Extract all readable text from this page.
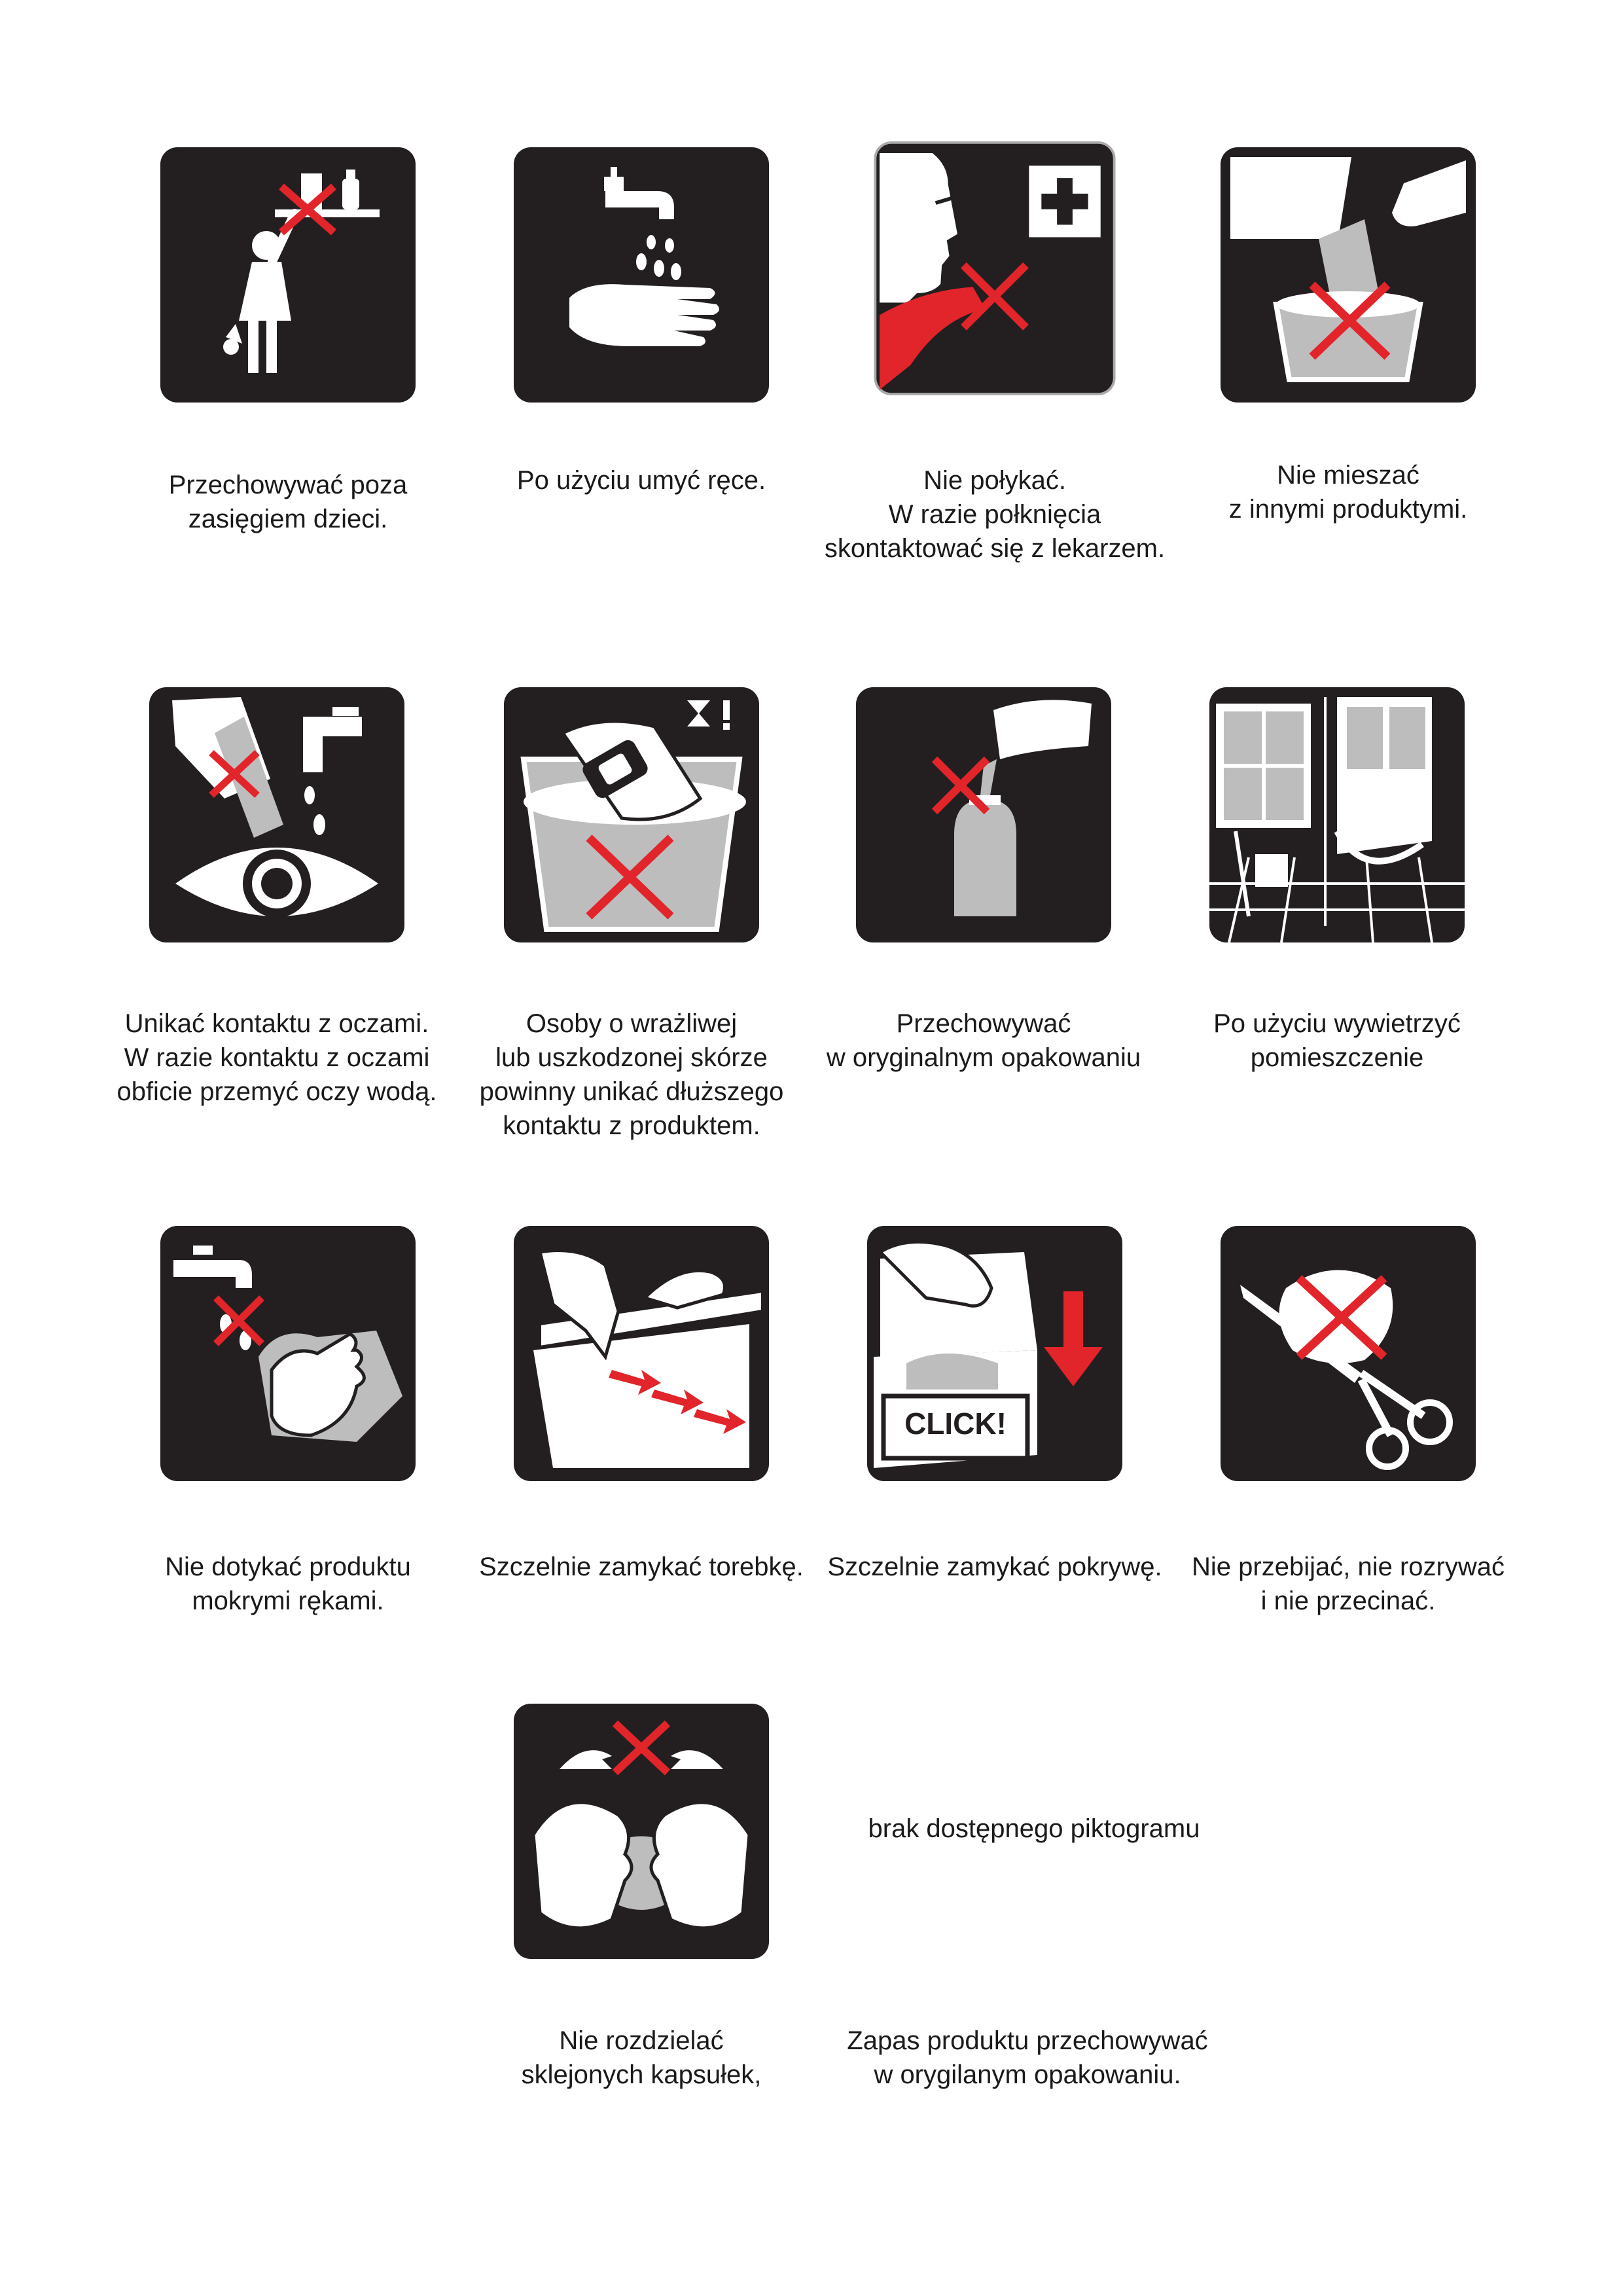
Przechowywać poza
zasięgiem dzieci.
Po użyciu umyć ręce.	Nie połykać.
W razie połknięcia
skontaktować się z lekarzem.
Nie mieszać
z innymi produktymi.
Unikać kontaktu z oczami.
W razie kontaktu z oczami
obficie przemyć oczy wodą.
Osoby o wrażliwej
lub uszkodzonej skórze
powinny unikać dłuższego
kontaktu z produktem.
Przechowywać
w oryginalnym opakowaniu
Po użyciu wywietrzyć
pomieszczenie
CLICK!
Nie dotykać produktu
mokrymi rękami.
Szczelnie zamykać torebkę. Szczelnie zamykać pokrywę.	Nie przebijać, nie rozrywać
i nie przecinać.
brak dostępnego piktogramu
Nie rozdzielać
sklejonych kapsułek,
Zapas produktu przechowywać
w orygilanym opakowaniu.
